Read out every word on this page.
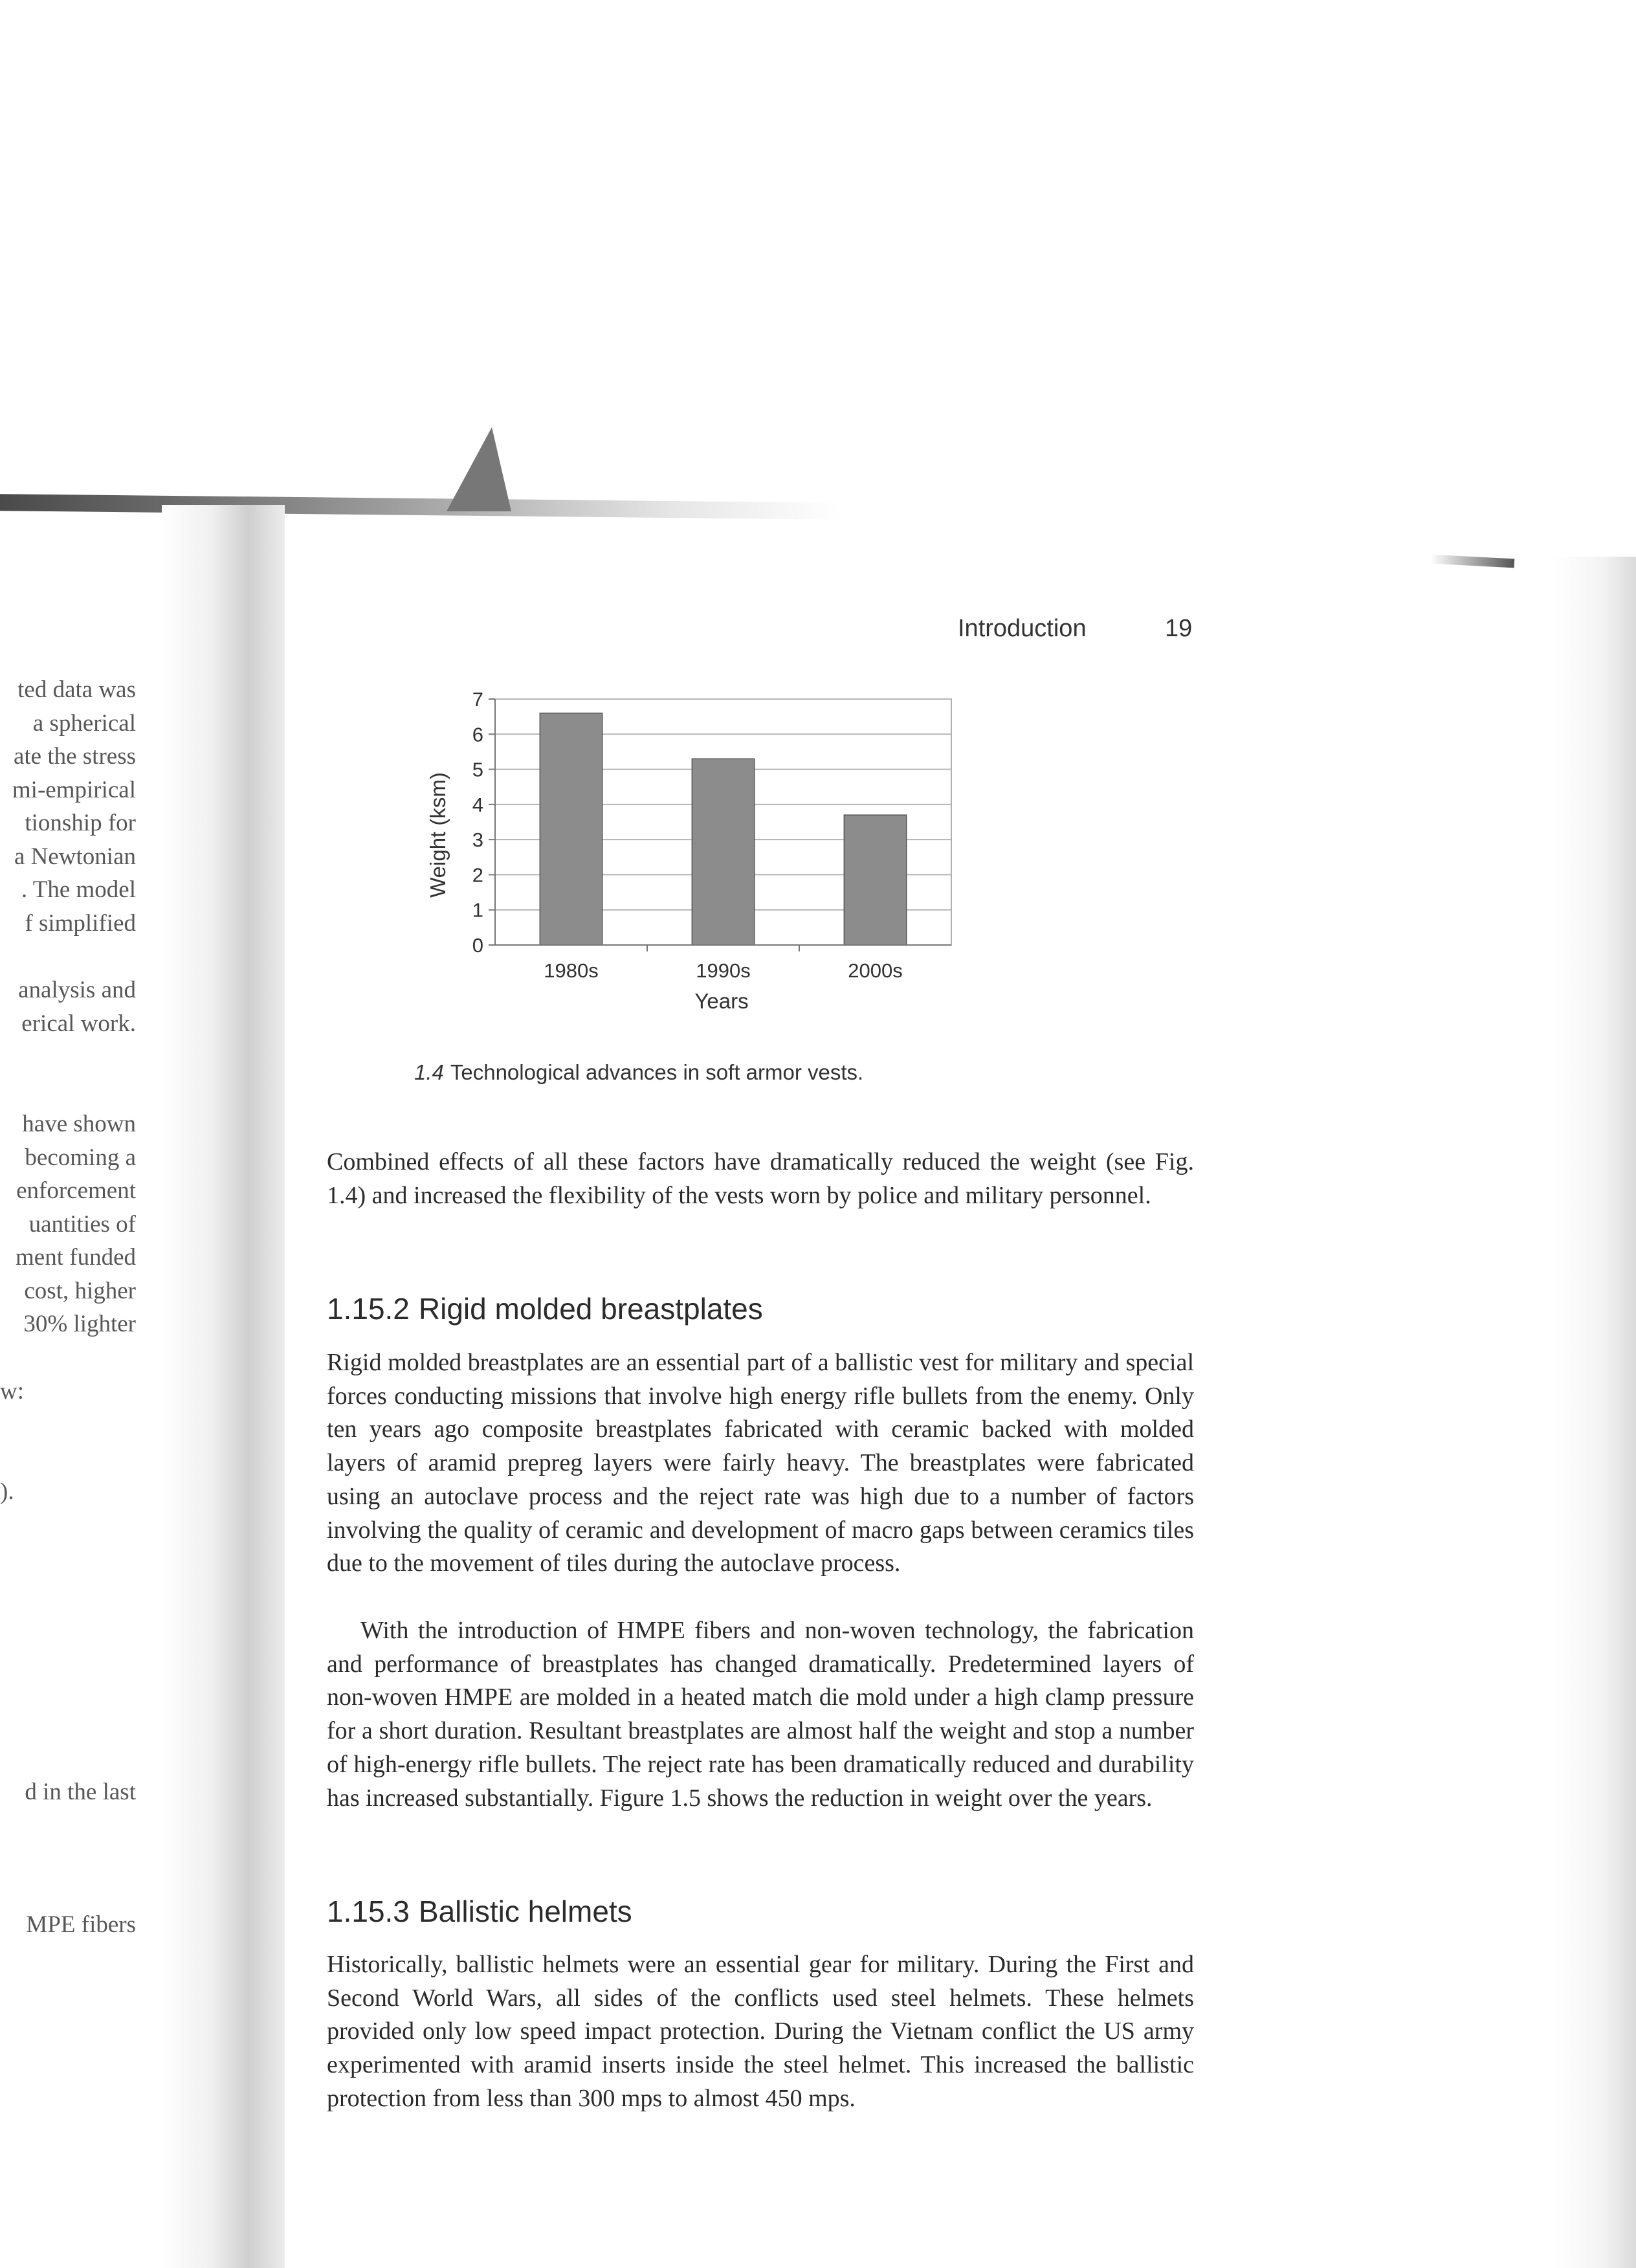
ted data was
a spherical
ate the stress
mi-empirical
tionship for
a Newtonian
. The model
f simplified
analysis and
erical work.
have shown
becoming a
enforcement
uantities of
ment funded
cost, higher
30% lighter
w:
).
d in the last
MPE fibers
Introduction	19
0
1
2
3
4
5
6
7
1980s	1990s	2000s
Weight (ksm)
Years
1.4 Technological advances in soft armor vests.

Combined effects of all these factors have dramatically reduced the weight (see Fig. 1.4) and increased the flexibility of the vests worn by police and military personnel.

1.15.2 Rigid molded breastplates

Rigid molded breastplates are an essential part of a ballistic vest for military and special forces conducting missions that involve high energy rifle bullets from the enemy. Only ten years ago composite breastplates fabricated with ceramic backed with molded layers of aramid prepreg layers were fairly heavy. The breastplates were fabricated using an autoclave process and the reject rate was high due to a number of factors involving the quality of ceramic and development of macro gaps between ceramics tiles due to the movement of tiles during the autoclave process.

With the introduction of HMPE fibers and non-woven technology, the fabrication and performance of breastplates has changed dramatically. Predetermined layers of non-woven HMPE are molded in a heated match die mold under a high clamp pressure for a short duration. Resultant breastplates are almost half the weight and stop a number of high-energy rifle bullets. The reject rate has been dramatically reduced and durability has increased substantially. Figure 1.5 shows the reduction in weight over the years.

1.15.3 Ballistic helmets

Historically, ballistic helmets were an essential gear for military. During the First and Second World Wars, all sides of the conflicts used steel helmets. These helmets provided only low speed impact protection. During the Vietnam conflict the US army experimented with aramid inserts inside the steel helmet. This increased the ballistic protection from less than 300 mps to almost 450 mps.
